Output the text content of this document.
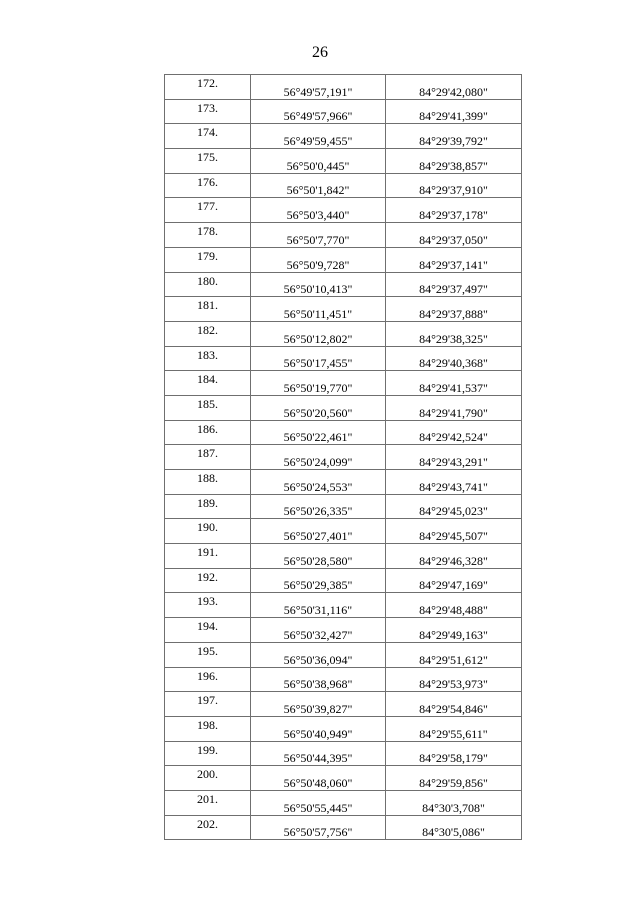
26
172.	56°49'57,191"	84°29'42,080"
173.	56°49'57,966"	84°29'41,399"
174.	56°49'59,455"	84°29'39,792"
175.	56°50'0,445"	84°29'38,857"
176.	56°50'1,842"	84°29'37,910"
177.	56°50'3,440"	84°29'37,178"
178.	56°50'7,770"	84°29'37,050"
179.	56°50'9,728"	84°29'37,141"
180.	56°50'10,413"	84°29'37,497"
181.	56°50'11,451"	84°29'37,888"
182.	56°50'12,802"	84°29'38,325"
183.	56°50'17,455"	84°29'40,368"
184.	56°50'19,770"	84°29'41,537"
185.	56°50'20,560"	84°29'41,790"
186.	56°50'22,461"	84°29'42,524"
187.	56°50'24,099"	84°29'43,291"
188.	56°50'24,553"	84°29'43,741"
189.	56°50'26,335"	84°29'45,023"
190.	56°50'27,401"	84°29'45,507"
191.	56°50'28,580"	84°29'46,328"
192.	56°50'29,385"	84°29'47,169"
193.	56°50'31,116"	84°29'48,488"
194.	56°50'32,427"	84°29'49,163"
195.	56°50'36,094"	84°29'51,612"
196.	56°50'38,968"	84°29'53,973"
197.	56°50'39,827"	84°29'54,846"
198.	56°50'40,949"	84°29'55,611"
199.	56°50'44,395"	84°29'58,179"
200.	56°50'48,060"	84°29'59,856"
201.	56°50'55,445"	84°30'3,708"
202.	56°50'57,756"	84°30'5,086"
